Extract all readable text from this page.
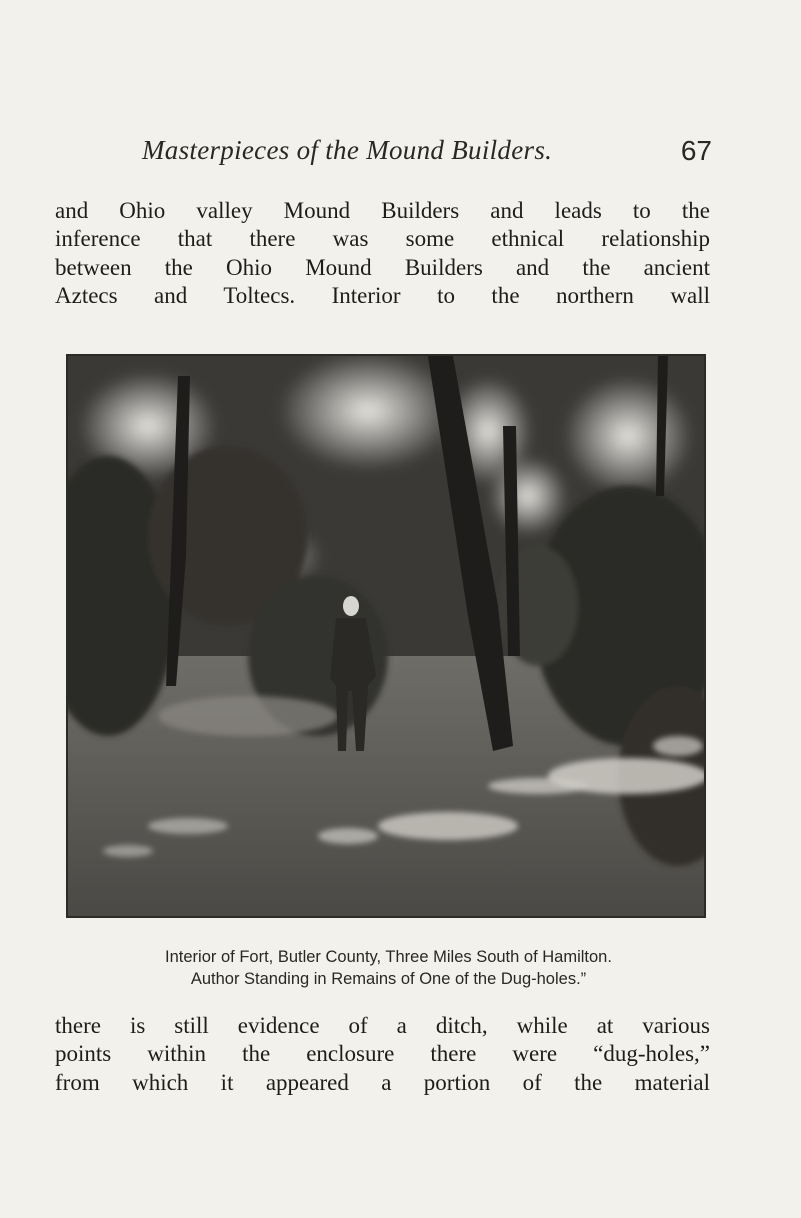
Masterpieces of the Mound Builders.	67

and Ohio valley Mound Builders and leads to the
inference that there was some ethnical relationship
between the Ohio Mound Builders and the ancient
Aztecs and Toltecs. Interior to the northern wall

Interior of Fort, Butler County, Three Miles South of Hamilton.

Author Standing in Remains of One of the Dug-holes.”

there is still evidence of a ditch, while at various
points within the enclosure there were “dug-holes,”
from which it appeared a portion of the material
